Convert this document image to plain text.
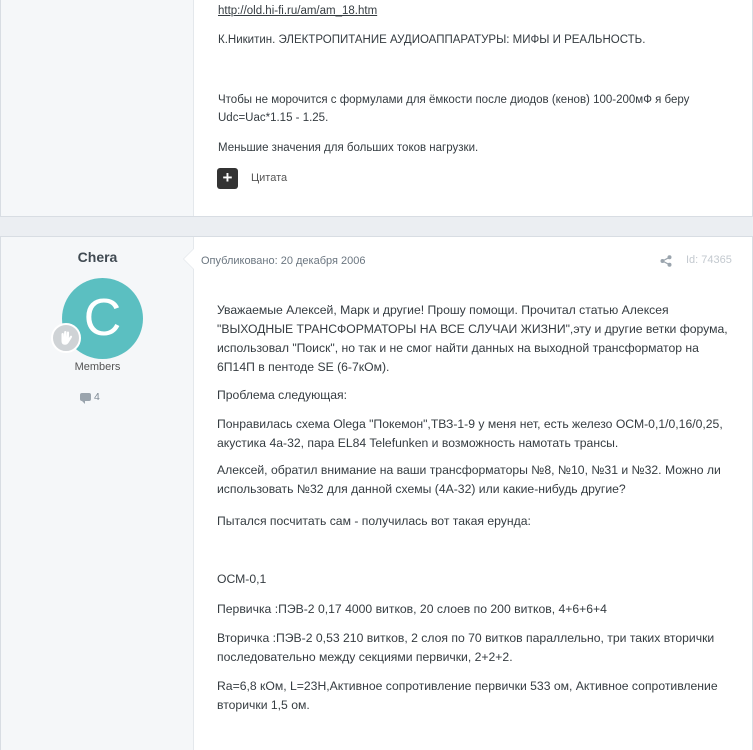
http://old.hi-fi.ru/am/am_18.htm
К.Никитин. ЭЛЕКТРОПИТАНИЕ АУДИОАППАРАТУРЫ: МИФЫ И РЕАЛЬНОСТЬ.
Чтобы не морочится с формулами для ёмкости после диодов (кенов) 100-200мФ я беру
Udc=Uac*1.15 - 1.25.
Меньшие значения для больших токов нагрузки.
+	Цитата
Chera
C
Members
4
Опубликовано: 20 декабря 2006	Id: 74365
Уважаемые Алексей, Марк и другие! Прошу помощи. Прочитал статью Алексея "ВЫХОДНЫЕ ТРАНСФОРМАТОРЫ НА ВСЕ СЛУЧАИ ЖИЗНИ",эту и другие ветки форума, использовал "Поиск", но так и не смог найти данных на выходной трансформатор на 6П14П в пентоде SE (6-7кОм).
Проблема следующая:
Понравилась схема Olega "Покемон",ТВЗ-1-9 у меня нет, есть железо ОСМ-0,1/0,16/0,25, акустика 4а-32, пара EL84 Telefunken и возможность намотать трансы.
Алексей, обратил внимание на ваши трансформаторы №8, №10, №31 и №32. Можно ли использовать №32 для данной схемы (4А-32) или какие-нибудь другие?
Пытался посчитать сам - получилась вот такая ерунда:
ОСМ-0,1
Первичка :ПЭВ-2 0,17 4000 витков, 20 слоев по 200 витков, 4+6+6+4
Вторичка :ПЭВ-2 0,53 210 витков, 2 слоя по 70 витков параллельно, три таких вторички последовательно между секциями первички, 2+2+2.
Ra=6,8 кОм, L=23Н,Активное сопротивление первички 533 ом, Активное сопротивление вторички 1,5 ом.
